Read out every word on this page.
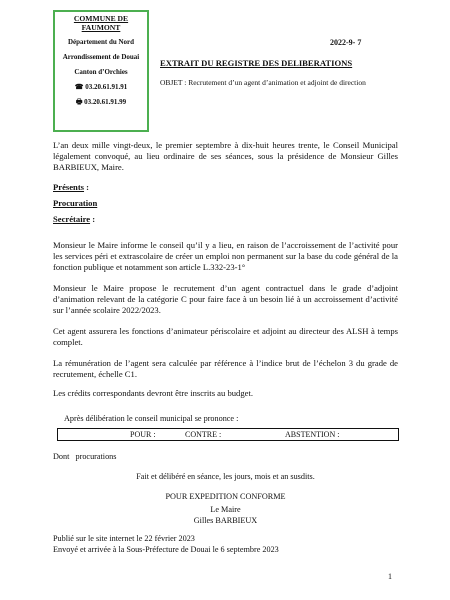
COMMUNE DE FAUMONT
Département du Nord
Arrondissement de Douai
Canton d’Orchies
☎ 03.20.61.91.91
🖶 03.20.61.91.99
2022-9- 7
EXTRAIT DU REGISTRE DES DELIBERATIONS
OBJET : Recrutement d’un agent d’animation et adjoint de direction
L’an deux mille vingt-deux, le premier septembre à dix-huit heures trente, le Conseil Municipal légalement convoqué, au lieu ordinaire de ses séances, sous la présidence de Monsieur Gilles BARBIEUX, Maire.
Présents :
Procuration
Secrétaire :
Monsieur le Maire informe le conseil qu’il y a lieu, en raison de l’accroissement de l’activité pour les services péri et extrascolaire de créer un emploi non permanent sur la base du code général de la fonction publique et notamment son article L.332-23-1°
Monsieur le Maire propose le recrutement d’un agent contractuel dans le grade d’adjoint d’animation relevant de la catégorie C pour faire face à un besoin lié à un accroissement d’activité sur l’année scolaire 2022/2023.
Cet agent assurera les fonctions d’animateur périscolaire et adjoint au directeur des ALSH à temps complet.
La rémunération de l’agent sera calculée par référence à l’indice brut de l’échelon 3 du grade de recrutement, échelle C1.
Les crédits correspondants devront être inscrits au budget.
Après délibération le conseil municipal se prononce :
POUR :	CONTRE :	ABSTENTION :
Dont   procurations
Fait et délibéré en séance, les jours, mois et an susdits.
POUR EXPEDITION CONFORME
Le Maire
Gilles BARBIEUX
Publié sur le site internet le 22 février 2023
Envoyé et arrivée à la Sous-Préfecture de Douai le 6 septembre 2023
1
